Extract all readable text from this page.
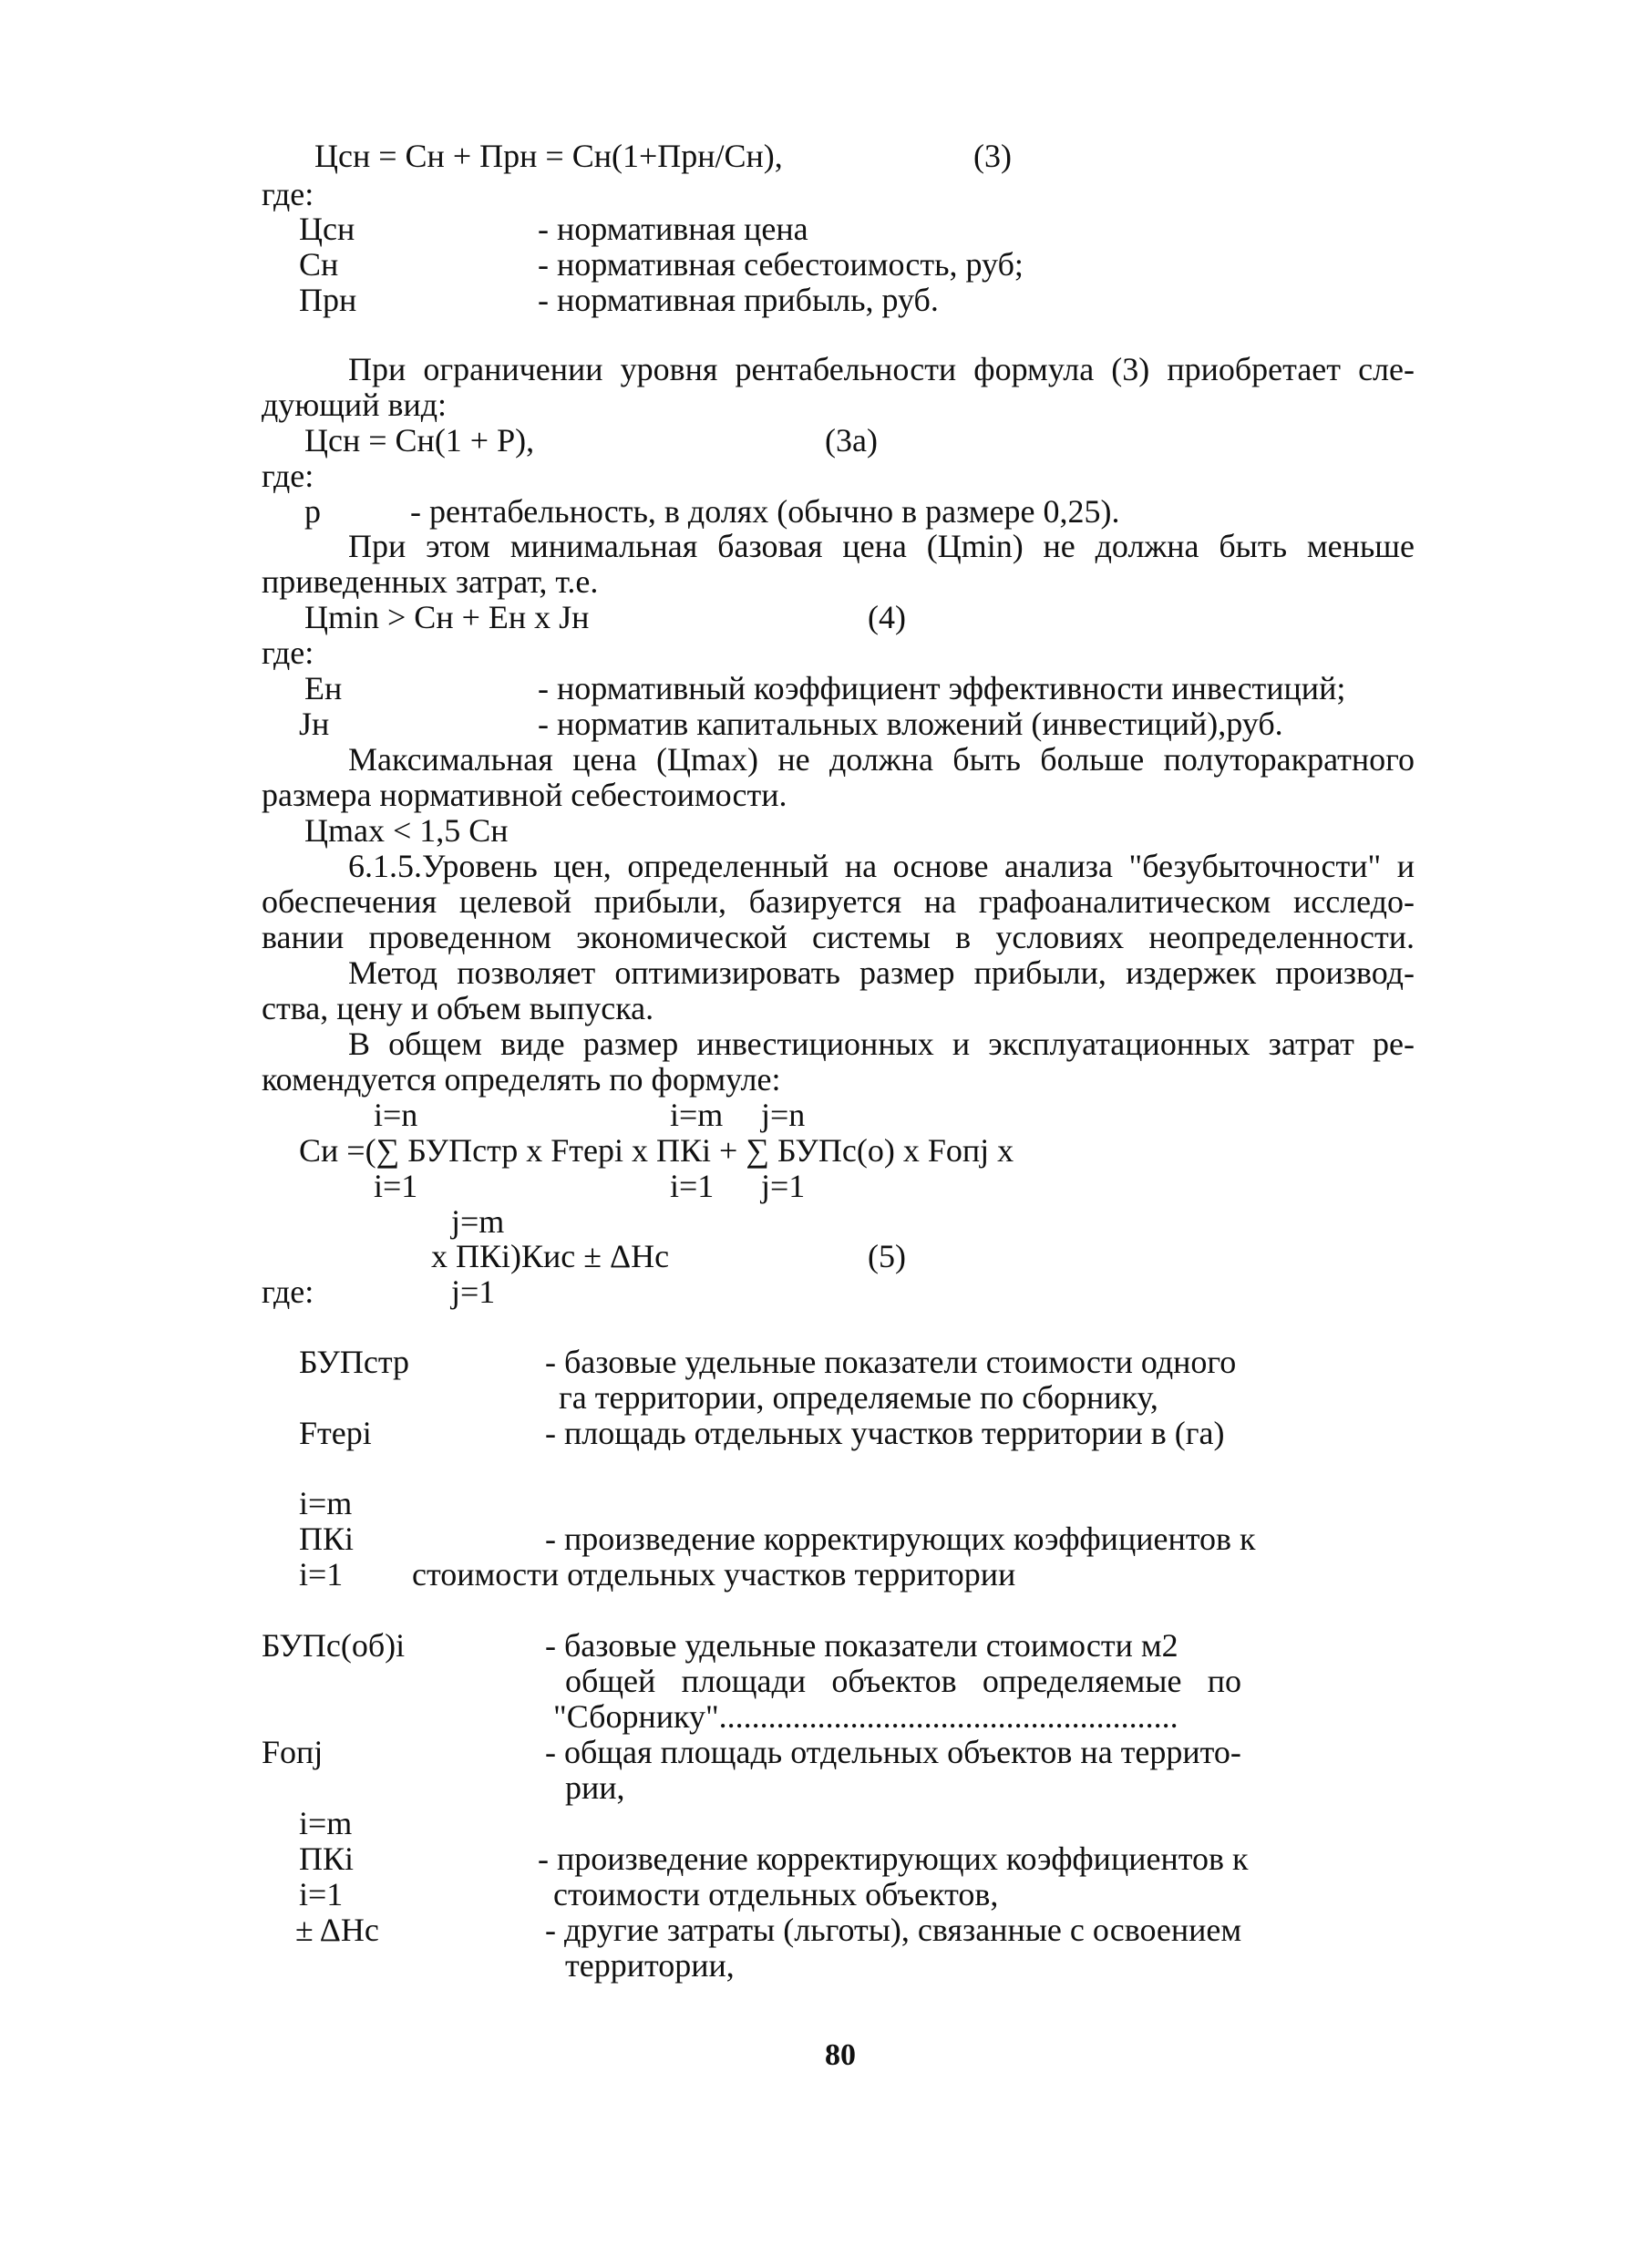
Цсн = Сн + Прн = Сн(1+Прн/Сн),	(3)
где:
Цсн	- нормативная цена
Сн	- нормативная себестоимость, руб;
Прн	- нормативная прибыль, руб.
При ограничении уровня рентабельности формула (3) приобретает сле-
дующий вид:
Цсн = Сн(1 + Р),	(3а)
где:
р	- рентабельность, в долях (обычно в размере 0,25).
При этом минимальная базовая цена (Цmin) не должна быть меньше
приведенных затрат, т.е.
Цmin > Сн + Ен х Jн	(4)
где:
Ен	- нормативный коэффициент эффективности инвестиций;
Jн	- норматив капитальных вложений (инвестиций),руб.
Максимальная цена (Цmax) не должна быть больше полуторакратного
размера нормативной себестоимости.
Цmax < 1,5 Сн
6.1.5.Уровень цен, определенный на основе анализа "безубыточности" и
обеспечения целевой прибыли, базируется на графоаналитическом исследо-
вании проведенном экономической системы в условиях неопределенности.
Метод позволяет оптимизировать размер прибыли, издержек производ-
ства, цену и объем выпуска.
В общем виде размер инвестиционных и эксплуатационных затрат ре-
комендуется определять по формуле:
i=n	i=m j=n
Си =(∑ БУПстр х Fтерi х ПКi + ∑ БУПс(о) х Fопj х
i=1	i=1 j=1
j=m
х ПКi)Кис ± ΔНс	(5)
где:	j=1
БУПстр	- базовые удельные показатели стоимости одного
га территории, определяемые по сборнику,
Fтерi	- площадь отдельных участков территории в (га)
i=m
ПКi	- произведение корректирующих коэффициентов к
i=1 стоимости отдельных участков территории
БУПс(об)i	- базовые удельные показатели стоимости м2
общей площади объектов определяемые по
"Сборнику"........................................................
Fопj	- общая площадь отдельных объектов на террито-
рии,
i=m
ПКi	- произведение корректирующих коэффициентов к
i=1	стоимости отдельных объектов,
± ΔНс	- другие затраты (льготы), связанные с освоением
территории,
80
